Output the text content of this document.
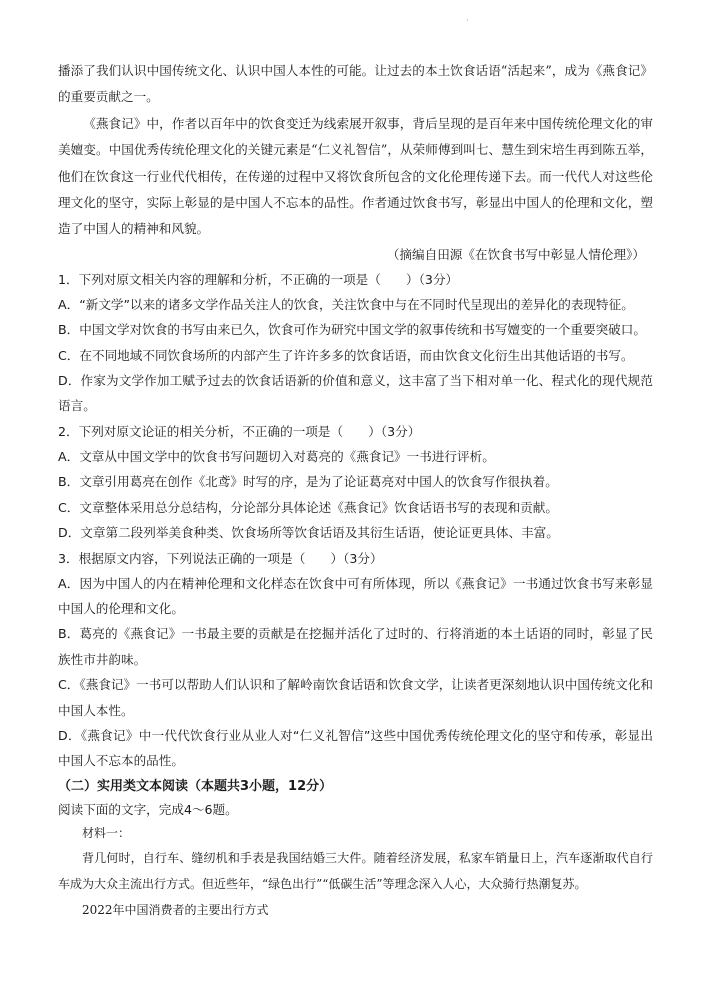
·

播添了我们认识中国传统文化、认识中国人本性的可能。让过去的本土饮食话语“活起来”，成为《燕食记》的重要贡献之一。

《燕食记》中，作者以百年中的饮食变迁为线索展开叙事，背后呈现的是百年来中国传统伦理文化的审美嬗变。中国优秀传统伦理文化的关键元素是“仁义礼智信”，从荣师傅到叫七、慧生到宋培生再到陈五举，他们在饮食这一行业代代相传，在传递的过程中又将饮食所包含的文化伦理传递下去。而一代代人对这些伦理文化的坚守，实际上彰显的是中国人不忘本的品性。作者通过饮食书写，彰显出中国人的伦理和文化，塑造了中国人的精神和风貌。

（摘编自田源《在饮食书写中彰显人情伦理》）

1．下列对原文相关内容的理解和分析，不正确的一项是（　　）（3分）

A．“新文学”以来的诸多文学作品关注人的饮食，关注饮食中与在不同时代呈现出的差异化的表现特征。

B．中国文学对饮食的书写由来已久，饮食可作为研究中国文学的叙事传统和书写嬗变的一个重要突破口。

C．在不同地域不同饮食场所的内部产生了许许多多的饮食话语，而由饮食文化衍生出其他话语的书写。

D．作家为文学作加工赋予过去的饮食话语新的价值和意义，这丰富了当下相对单一化、程式化的现代规范语言。

2．下列对原文论证的相关分析，不正确的一项是（　　）（3分）

A．文章从中国文学中的饮食书写问题切入对葛亮的《燕食记》一书进行评析。

B．文章引用葛亮在创作《北鸢》时写的序，是为了论证葛亮对中国人的饮食写作很执着。

C．文章整体采用总分总结构，分论部分具体论述《燕食记》饮食话语书写的表现和贡献。

D．文章第二段列举美食种类、饮食场所等饮食话语及其衍生话语，使论证更具体、丰富。

3．根据原文内容，下列说法正确的一项是（　　）（3分）

A．因为中国人的内在精神伦理和文化样态在饮食中可有所体现，所以《燕食记》一书通过饮食书写来彰显中国人的伦理和文化。

B．葛亮的《燕食记》一书最主要的贡献是在挖掘并活化了过时的、行将消逝的本土话语的同时，彰显了民族性市井韵味。

C．《燕食记》一书可以帮助人们认识和了解岭南饮食话语和饮食文学，让读者更深刻地认识中国传统文化和中国人本性。

D．《燕食记》中一代代饮食行业从业人对“仁义礼智信”这些中国优秀传统伦理文化的坚守和传承，彰显出中国人不忘本的品性。

（二）实用类文本阅读（本题共3小题，12分）

阅读下面的文字，完成4～6题。

材料一：

背几何时，自行车、缝纫机和手表是我国结婚三大件。随着经济发展，私家车销量日上，汽车逐渐取代自行车成为大众主流出行方式。但近些年，“绿色出行”“低碳生活”等理念深入人心，大众骑行热潮复苏。

2022年中国消费者的主要出行方式
